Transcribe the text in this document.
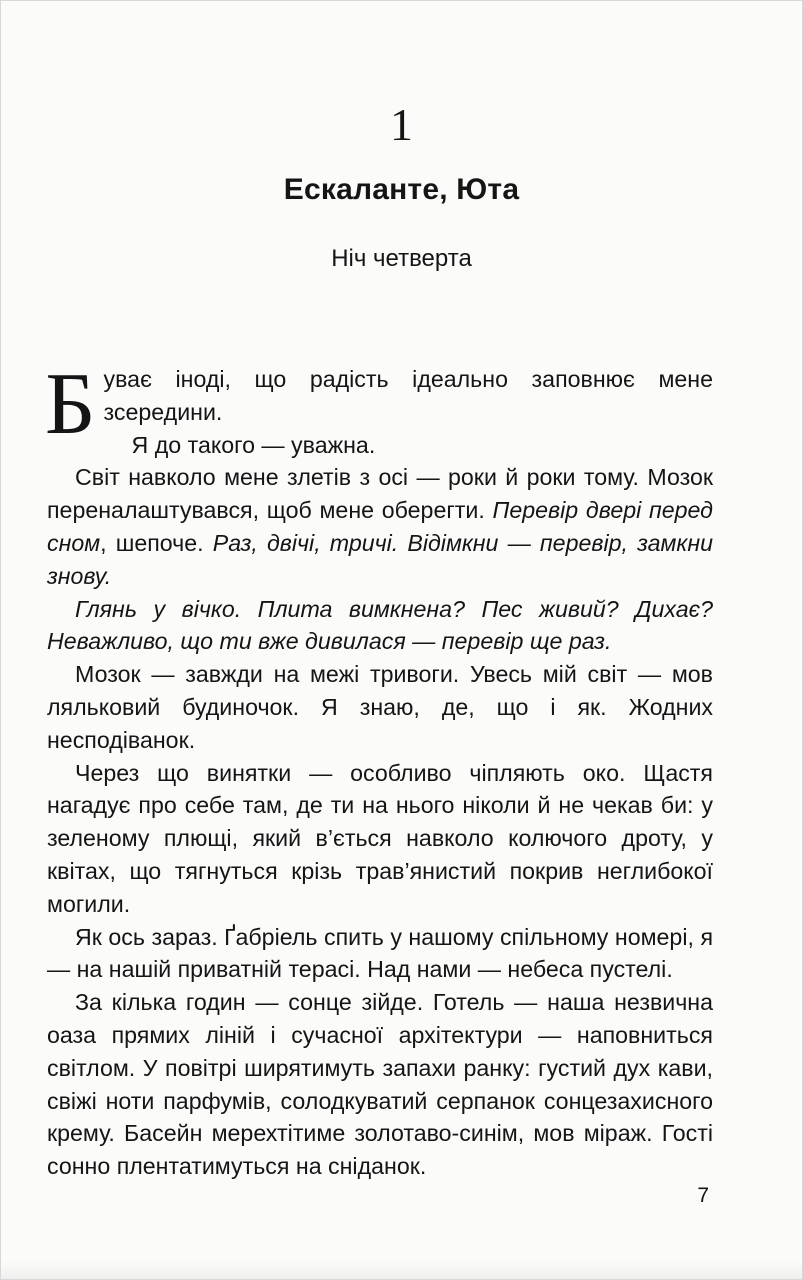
1
Ескаланте, Юта
Ніч четверта

Б уває іноді, що радість ідеально заповнює мене зсередини.

Я до такого — уважна.

Світ навколо мене злетів з осі — роки й роки тому. Мозок переналаштувався, щоб мене оберегти. Перевір двері перед сном, шепоче. Раз, двічі, тричі. Відімкни — перевір, замкни знову.

Глянь у вічко. Плита вимкнена? Пес живий? Дихає? Неважливо, що ти вже дивилася — перевір ще раз.

Мозок — завжди на межі тривоги. Увесь мій світ — мов ляльковий будиночок. Я знаю, де, що і як. Жодних несподіванок.

Через що винятки — особливо чіпляють око. Щастя нагадує про себе там, де ти на нього ніколи й не чекав би: у зеленому плющі, який в’ється навколо колючого дроту, у квітах, що тягнуться крізь трав’янистий покрив неглибокої могили.

Як ось зараз. Ґабріель спить у нашому спільному номері, я — на нашій приватній терасі. Над нами — небеса пустелі.

За кілька годин — сонце зійде. Готель — наша незвична оаза прямих ліній і сучасної архітектури — наповниться світлом. У повітрі ширятимуть запахи ранку: густий дух кави, свіжі ноти парфумів, солодкуватий серпанок сонцезахисного крему. Басейн мерехтітиме золотаво-синім, мов міраж. Гості сонно плентатимуться на сніданок.

7
